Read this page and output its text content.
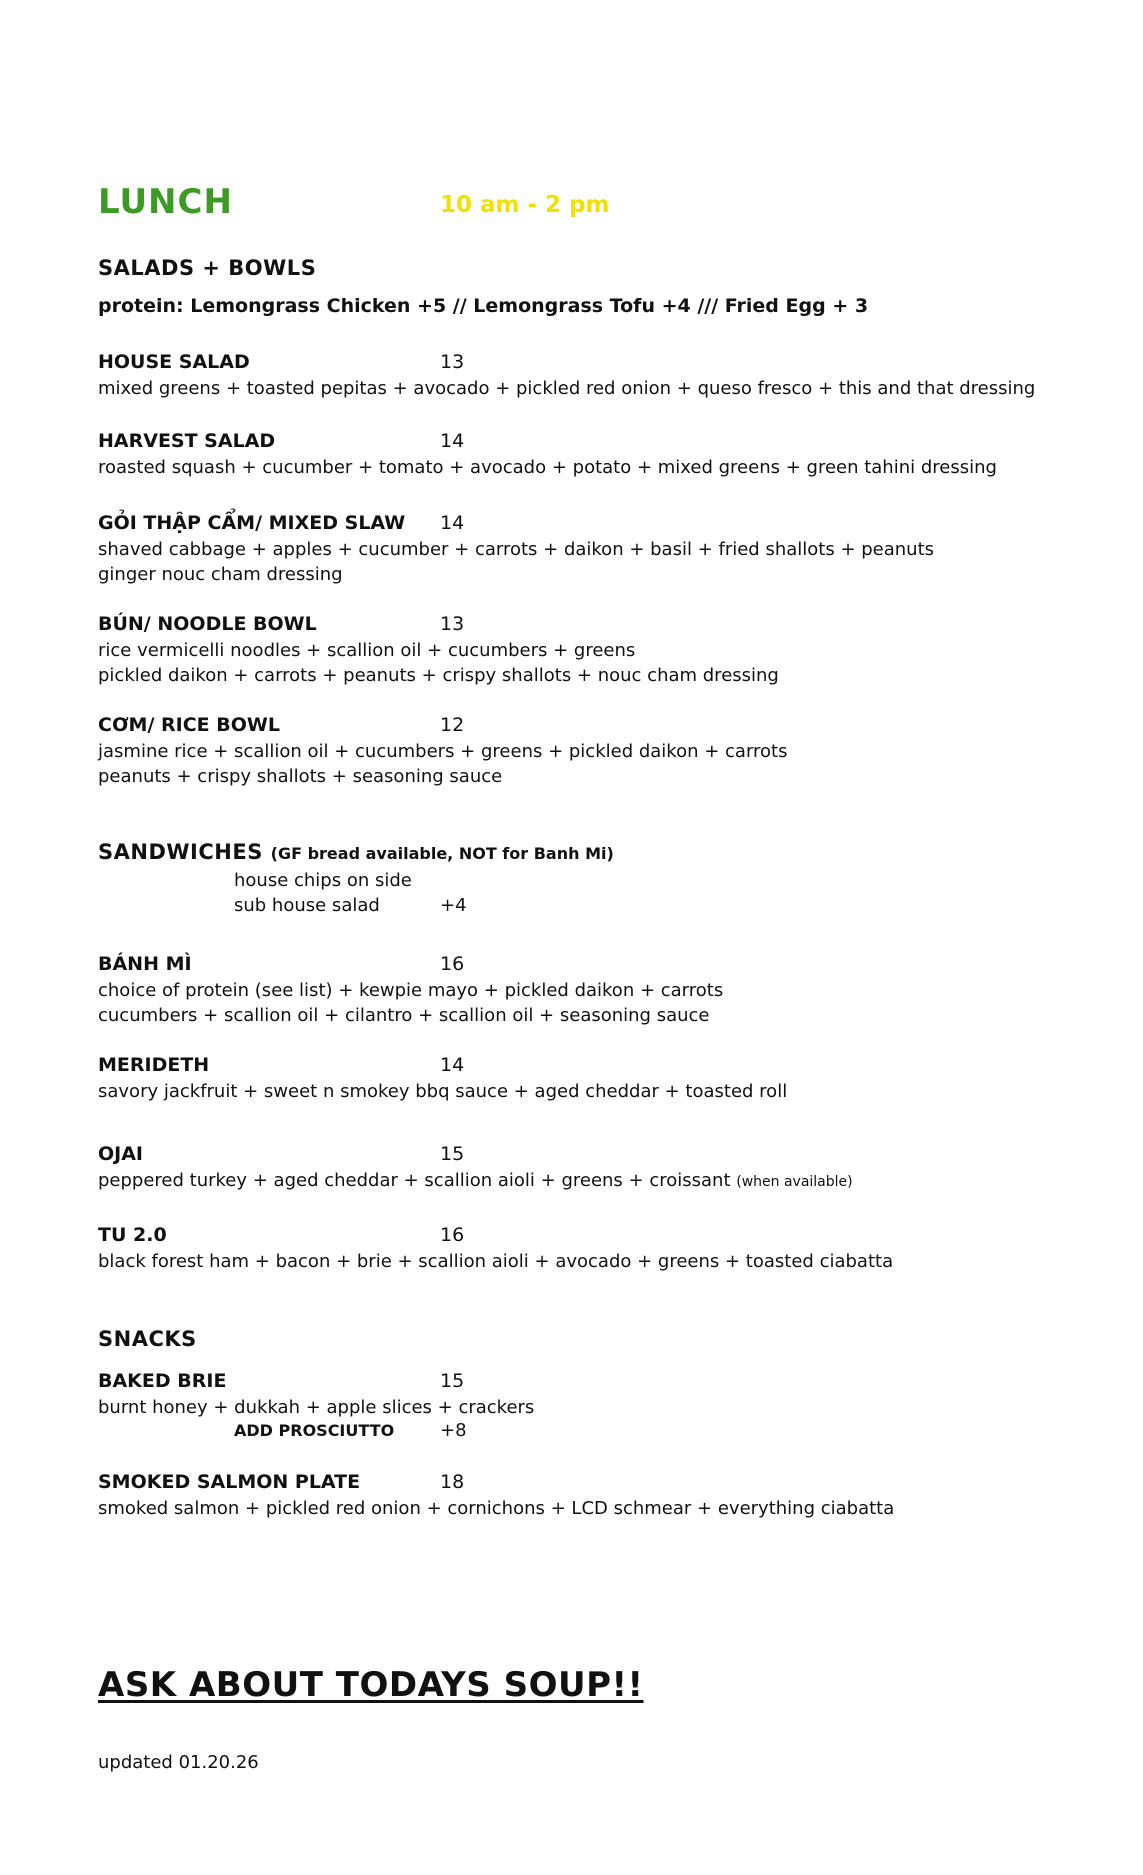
LUNCH	10 am - 2 pm
SALADS + BOWLS
protein: Lemongrass Chicken +5 // Lemongrass Tofu +4 /// Fried Egg + 3
HOUSE SALAD	13
mixed greens + toasted pepitas + avocado + pickled red onion + queso fresco + this and that dressing
HARVEST SALAD	14
roasted squash + cucumber + tomato + avocado + potato + mixed greens + green tahini dressing
GỎI THẬP CẨM/ MIXED SLAW	14
shaved cabbage + apples + cucumber + carrots + daikon + basil + fried shallots + peanuts
ginger nouc cham dressing
BÚN/ NOODLE BOWL	13
rice vermicelli noodles + scallion oil + cucumbers + greens
pickled daikon + carrots + peanuts + crispy shallots + nouc cham dressing
CƠM/ RICE BOWL	12
jasmine rice + scallion oil + cucumbers + greens + pickled daikon + carrots
peanuts + crispy shallots + seasoning sauce
SANDWICHES (GF bread available, NOT for Banh Mi)
house chips on side
sub house salad	+4
BÁNH MÌ	16
choice of protein (see list) + kewpie mayo + pickled daikon + carrots
cucumbers + scallion oil + cilantro + scallion oil + seasoning sauce
MERIDETH	14
savory jackfruit + sweet n smokey bbq sauce + aged cheddar + toasted roll
OJAI	15
peppered turkey + aged cheddar + scallion aioli + greens + croissant (when available)
TU 2.0	16
black forest ham + bacon + brie + scallion aioli + avocado + greens + toasted ciabatta
SNACKS
BAKED BRIE	15
burnt honey + dukkah + apple slices + crackers
ADD PROSCIUTTO	+8
SMOKED SALMON PLATE	18
smoked salmon + pickled red onion + cornichons + LCD schmear + everything ciabatta
ASK ABOUT TODAYS SOUP!!
updated 01.20.26
